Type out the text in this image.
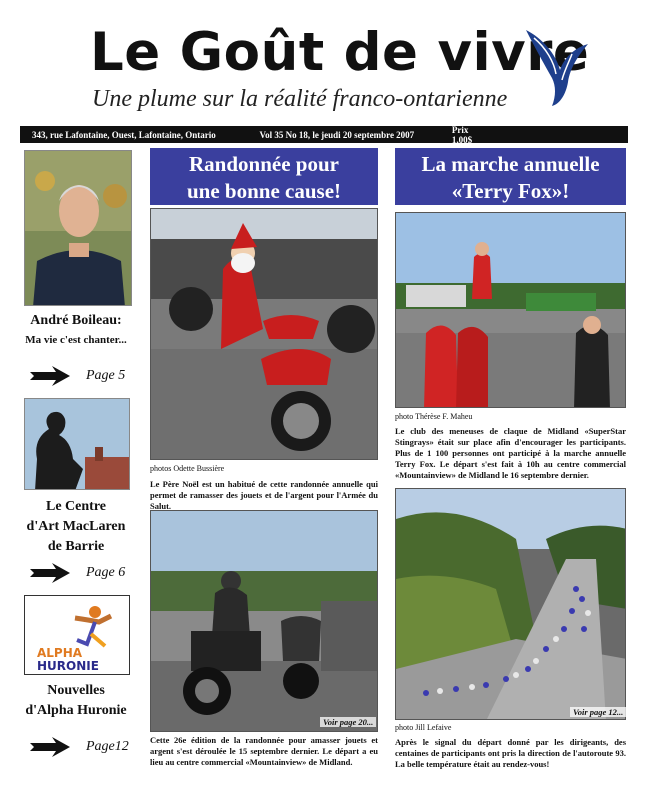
Le Goût de vivre
Une plume sur la réalité franco-ontarienne
343, rue Lafontaine, Ouest, Lafontaine, Ontario	Vol 35 No 18, le jeudi 20 septembre 2007	Prix 1,00$
André Boileau:
Ma vie c'est chanter...
Page 5
Le Centre
d'Art MacLaren
de Barrie
Page 6
ALPHA
HURONIE
Nouvelles
d'Alpha Huronie
Page12
Randonnée pour
une bonne cause!
photos Odette Bussière
Le Père Noël est un habitué de cette randonnée annuelle qui permet de ramasser des jouets et de l'argent pour l'Armée du Salut.
Voir page 20...
Cette 26e édition de la randonnée pour amasser jouets et argent s'est déroulée le 15 septembre dernier. Le départ a eu lieu au centre commercial «Mountainview» de Midland.
La marche annuelle
«Terry Fox»!
photo Thérèse F. Maheu
Le club des meneuses de claque de Midland «SuperStar Stingrays» était sur place afin d'encourager les participants. Plus de 1 100 personnes ont participé à la marche annuelle Terry Fox. Le départ s'est fait à 10h au centre commercial «Mountainview» de Midland le 16 septembre dernier.
photo Jill Lefaive
Voir page 12...
Après le signal du départ donné par les dirigeants, des centaines de participants ont pris la direction de l'autoroute 93. La belle température était au rendez-vous!
